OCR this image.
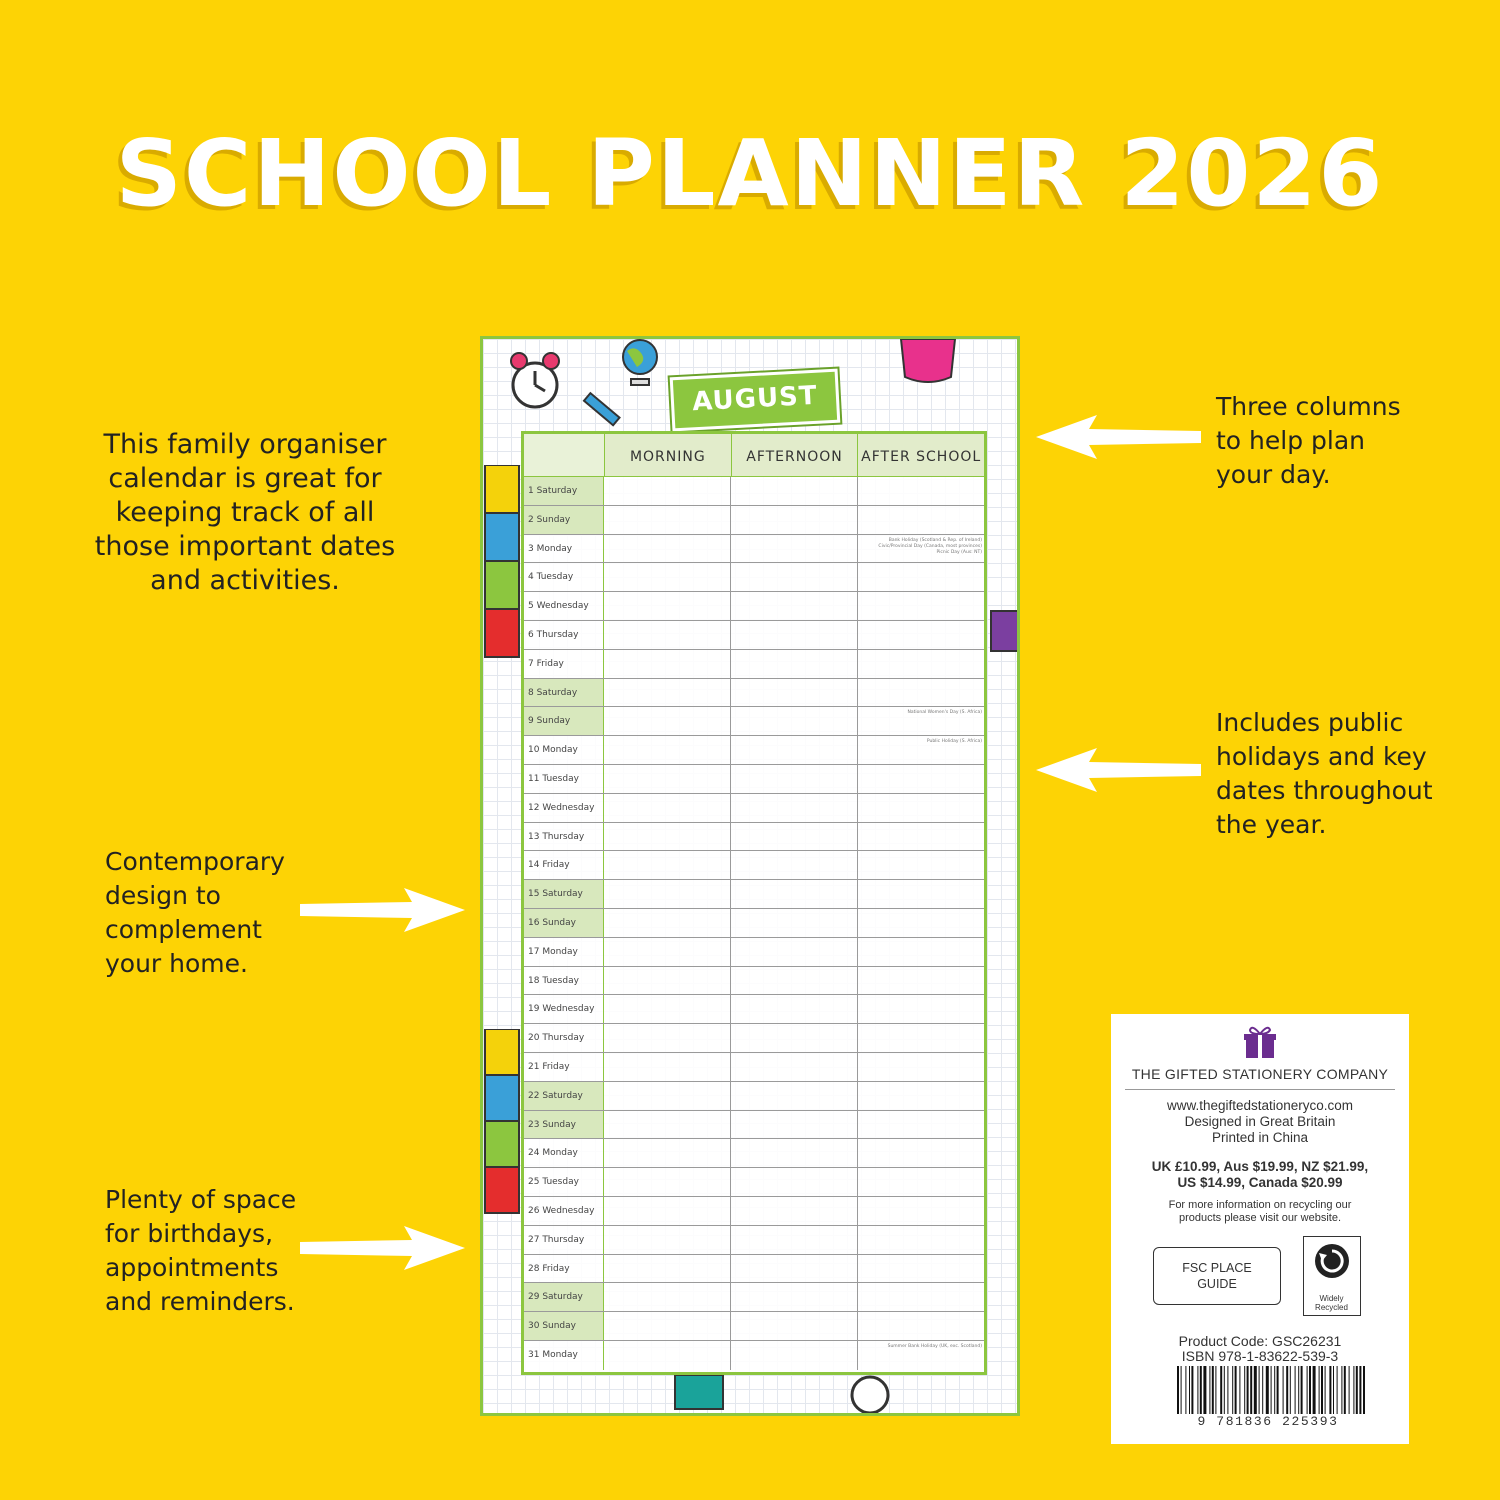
SCHOOL PLANNER 2026
This family organiser
calendar is great for
keeping track of all
those important dates
and activities.
Contemporary
design to
complement
your home.
Plenty of space
for birthdays,
appointments
and reminders.
Three columns
to help plan
your day.
Includes public
holidays and key
dates throughout
the year.
AUGUST
MORNING	AFTERNOON	AFTER SCHOOL
1 Saturday
2 Sunday
3 Monday
Bank Holiday (Scotland & Rep. of Ireland)
Civic/Provincial Day (Canada, most provinces)
Picnic Day (Aus: NT)
4 Tuesday
5 Wednesday
6 Thursday
7 Friday
8 Saturday
9 Sunday
National Women's Day (S. Africa)
10 Monday
Public Holiday (S. Africa)
11 Tuesday
12 Wednesday
13 Thursday
14 Friday
15 Saturday
16 Sunday
17 Monday
18 Tuesday
19 Wednesday
20 Thursday
21 Friday
22 Saturday
23 Sunday
24 Monday
25 Tuesday
26 Wednesday
27 Thursday
28 Friday
29 Saturday
30 Sunday
31 Monday
Summer Bank Holiday (UK, exc. Scotland)
THE GIFTED STATIONERY COMPANY
www.thegiftedstationeryco.com
Designed in Great Britain
Printed in China
UK £10.99, Aus $19.99, NZ $21.99,
US $14.99, Canada $20.99
For more information on recycling our
products please visit our website.
FSC PLACE
GUIDE
Widely
Recycled
Product Code: GSC26231
ISBN 978-1-83622-539-3
9 781836 225393
